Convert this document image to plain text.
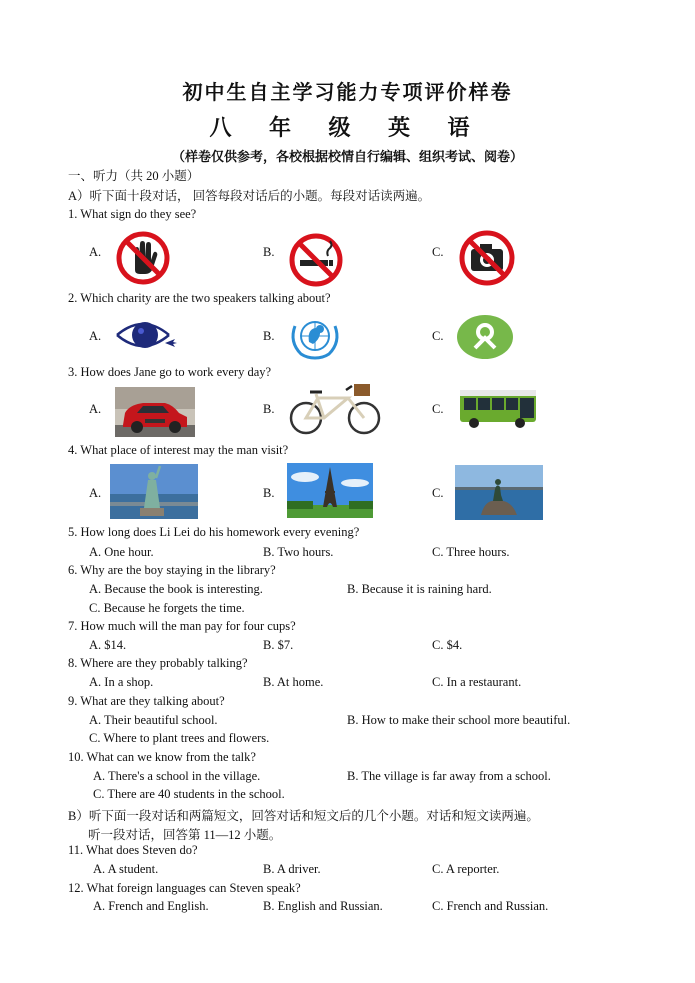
初中生自主学习能力专项评价样卷
八 年 级 英 语
（样卷仅供参考，各校根据校情自行编辑、组织考试、阅卷）
一、听力（共 20 小题）
A）听下面十段对话， 回答每段对话后的小题。每段对话读两遍。
1. What sign do they see?
A.	B.	C.
2. Which charity are the two speakers talking about?
A.	B.	C.
3. How does Jane go to work every day?
A.	B.	C.
4. What place of interest may the man visit?
A.	B.	C.
5. How long does Li Lei do his homework every evening?
A. One hour.	B. Two hours.	C. Three hours.
6. Why are the boy staying in the library?
A. Because the book is interesting.	B. Because it is raining hard.
C. Because he forgets the time.
7. How much will the man pay for four cups?
A. $14.	B. $7.	C. $4.
8. Where are they probably talking?
A. In a shop.	B. At home.	C. In a restaurant.
9. What are they talking about?
A. Their beautiful school.	B. How to make their school more beautiful.
C. Where to plant trees and flowers.
10. What can we know from the talk?
A. There's a school in the village.	B. The village is far away from a school.
C. There are 40 students in the school.
B）听下面一段对话和两篇短文，回答对话和短文后的几个小题。对话和短文读两遍。
听一段对话，回答第 11—12 小题。
11. What does Steven do?
A. A student.	B. A driver.	C. A reporter.
12. What foreign languages can Steven speak?
A. French and English.	B. English and Russian.	C. French and Russian.
